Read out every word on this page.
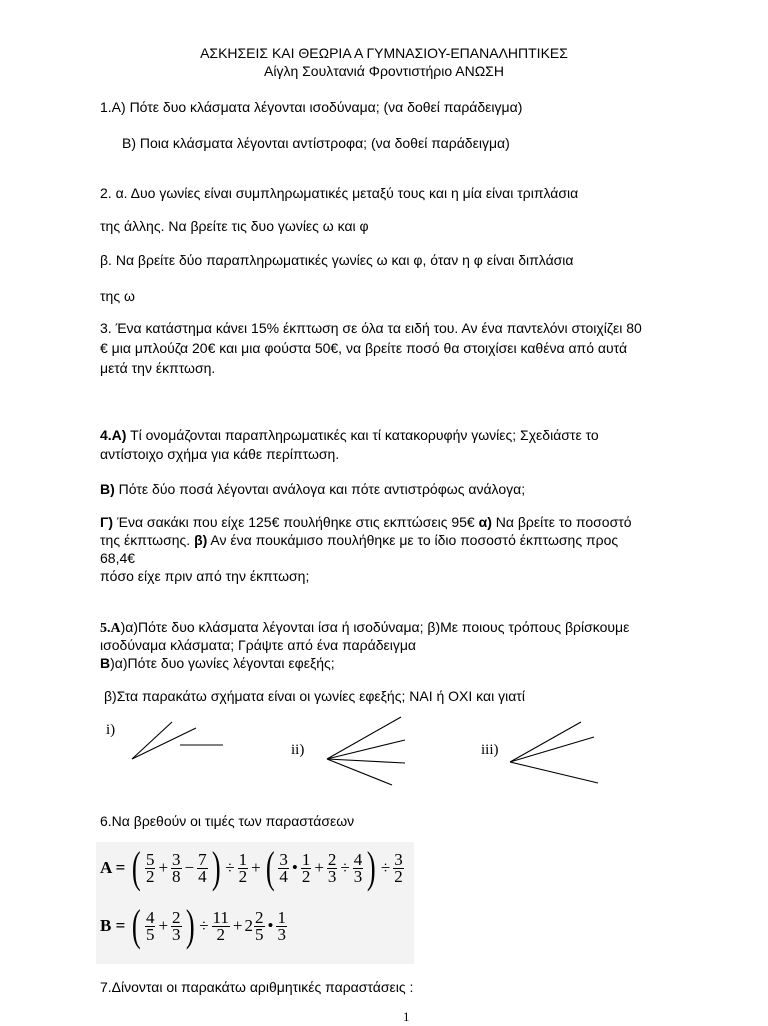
ΑΣΚΗΣΕΙΣ ΚΑΙ ΘΕΩΡΙΑ Α ΓΥΜΝΑΣΙΟΥ-ΕΠΑΝΑΛΗΠΤΙΚΕΣ
Αίγλη Σουλτανιά Φροντιστήριο ΑΝΩΣΗ
1.Α) Πότε δυο κλάσματα λέγονται ισοδύναμα; (να δοθεί παράδειγμα)
Β) Ποια κλάσματα λέγονται αντίστροφα; (να δοθεί παράδειγμα)
2. α. Δυο γωνίες είναι συμπληρωματικές μεταξύ τους και η μία είναι τριπλάσια
της άλλης. Να βρείτε τις δυο γωνίες ω και φ
β. Να βρείτε δύο παραπληρωματικές γωνίες ω και φ, όταν η φ είναι διπλάσια
της ω
3. Ένα κατάστημα κάνει 15% έκπτωση σε όλα τα ειδή του. Αν ένα παντελόνι στοιχίζει 80
€ μια μπλούζα 20€ και μια φούστα 50€, να βρείτε ποσό θα στοιχίσει καθένα από αυτά
μετά την έκπτωση.
4.Α) Τί ονομάζονται παραπληρωματικές και τί κατακορυφήν γωνίες; Σχεδιάστε το
αντίστοιχο σχήμα για κάθε περίπτωση.
Β) Πότε δύο ποσά λέγονται ανάλογα και πότε αντιστρόφως ανάλογα;
Γ) Ένα σακάκι που είχε 125€ πουλήθηκε στις εκπτώσεις 95€ α) Να βρείτε το ποσοστό
της έκπτωσης. β) Αν ένα πουκάμισο πουλήθηκε με το ίδιο ποσοστό έκπτωσης προς
68,4€
πόσο είχε πριν από την έκπτωση;
5.Α)α)Πότε δυο κλάσματα λέγονται ίσα ή ισοδύναμα; β)Με ποιους τρόπους βρίσκουμε
ισοδύναμα κλάσματα; Γράψτε από ένα παράδειγμα
Β)α)Πότε δυο γωνίες λέγονται εφεξής;
β)Στα παρακάτω σχήματα είναι οι γωνίες εφεξής; ΝΑΙ ή ΟΧΙ και γιατί
i)
ii)	iii)
6.Να βρεθούν οι τιμές των παραστάσεων
A = ( $\frac{5}{2} + \frac{3}{8} - \frac{7}{4}$ ) ÷ $\frac{1}{2}$ + ( $\frac{3}{4}$ • $\frac{1}{2} + \frac{2}{3} \div \frac{4}{3}$ ) ÷ $\frac{3}{2}$
B = ( $\frac{4}{5} + \frac{2}{3}$ ) ÷ $\frac{11}{2} + 2 \frac{2}{5}$ • $\frac{1}{3}$
7.Δίνονται οι παρακάτω αριθμητικές παραστάσεις :
1
